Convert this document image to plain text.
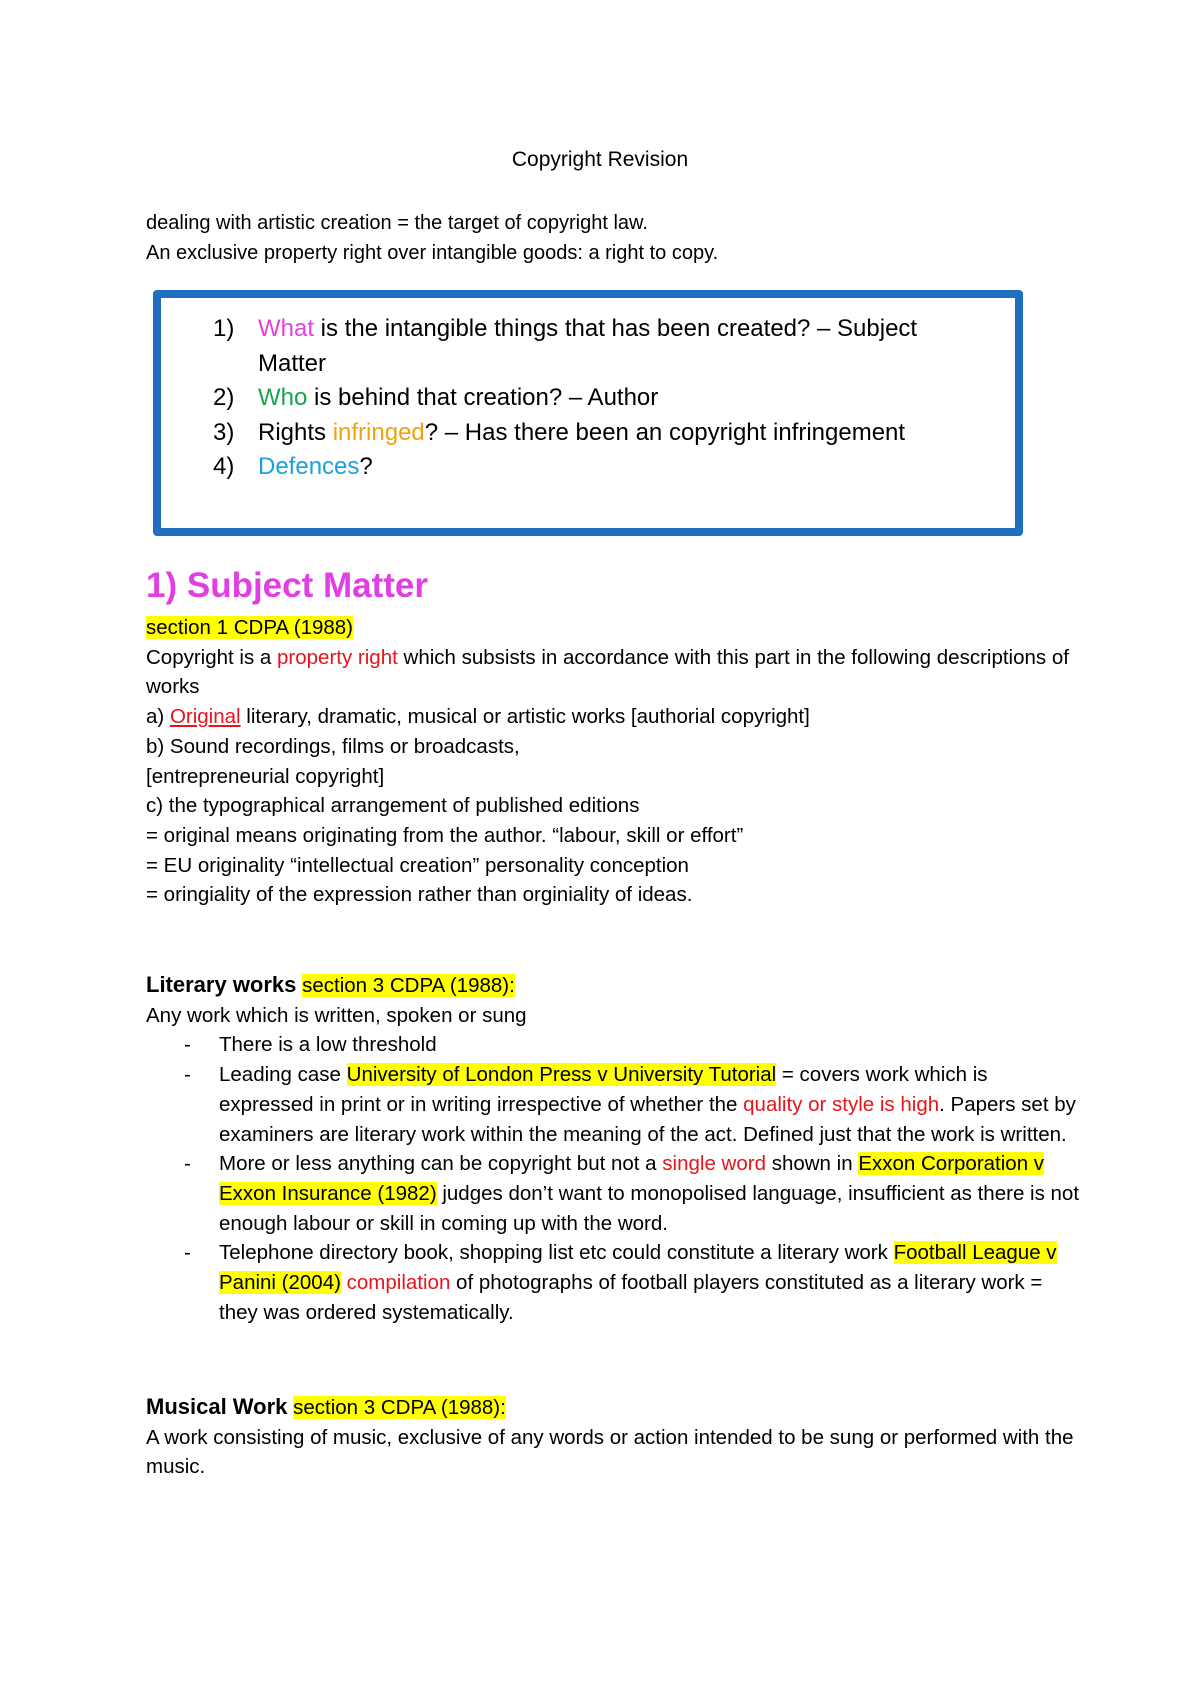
Copyright Revision
dealing with artistic creation = the target of copyright law.
An exclusive property right over intangible goods: a right to copy.
1) What is the intangible things that has been created? – Subject Matter
2) Who is behind that creation? – Author
3) Rights infringed? – Has there been an copyright infringement
4) Defences?
1) Subject Matter
section 1 CDPA (1988)
Copyright is a property right which subsists in accordance with this part in the following descriptions of works
a) Original literary, dramatic, musical or artistic works [authorial copyright]
b) Sound recordings, films or broadcasts,
[entrepreneurial copyright]
c) the typographical arrangement of published editions
= original means originating from the author. “labour, skill or effort”
= EU originality “intellectual creation” personality conception
= oringiality of the expression rather than orginiality of ideas.
Literary works section 3 CDPA (1988):
Any work which is written, spoken or sung
- There is a low threshold
- Leading case University of London Press v University Tutorial = covers work which is expressed in print or in writing irrespective of whether the quality or style is high. Papers set by examiners are literary work within the meaning of the act. Defined just that the work is written.
- More or less anything can be copyright but not a single word shown in Exxon Corporation v Exxon Insurance (1982) judges don’t want to monopolised language, insufficient as there is not enough labour or skill in coming up with the word.
- Telephone directory book, shopping list etc could constitute a literary work Football League v Panini (2004) compilation of photographs of football players constituted as a literary work = they was ordered systematically.
Musical Work section 3 CDPA (1988):
A work consisting of music, exclusive of any words or action intended to be sung or performed with the music.
